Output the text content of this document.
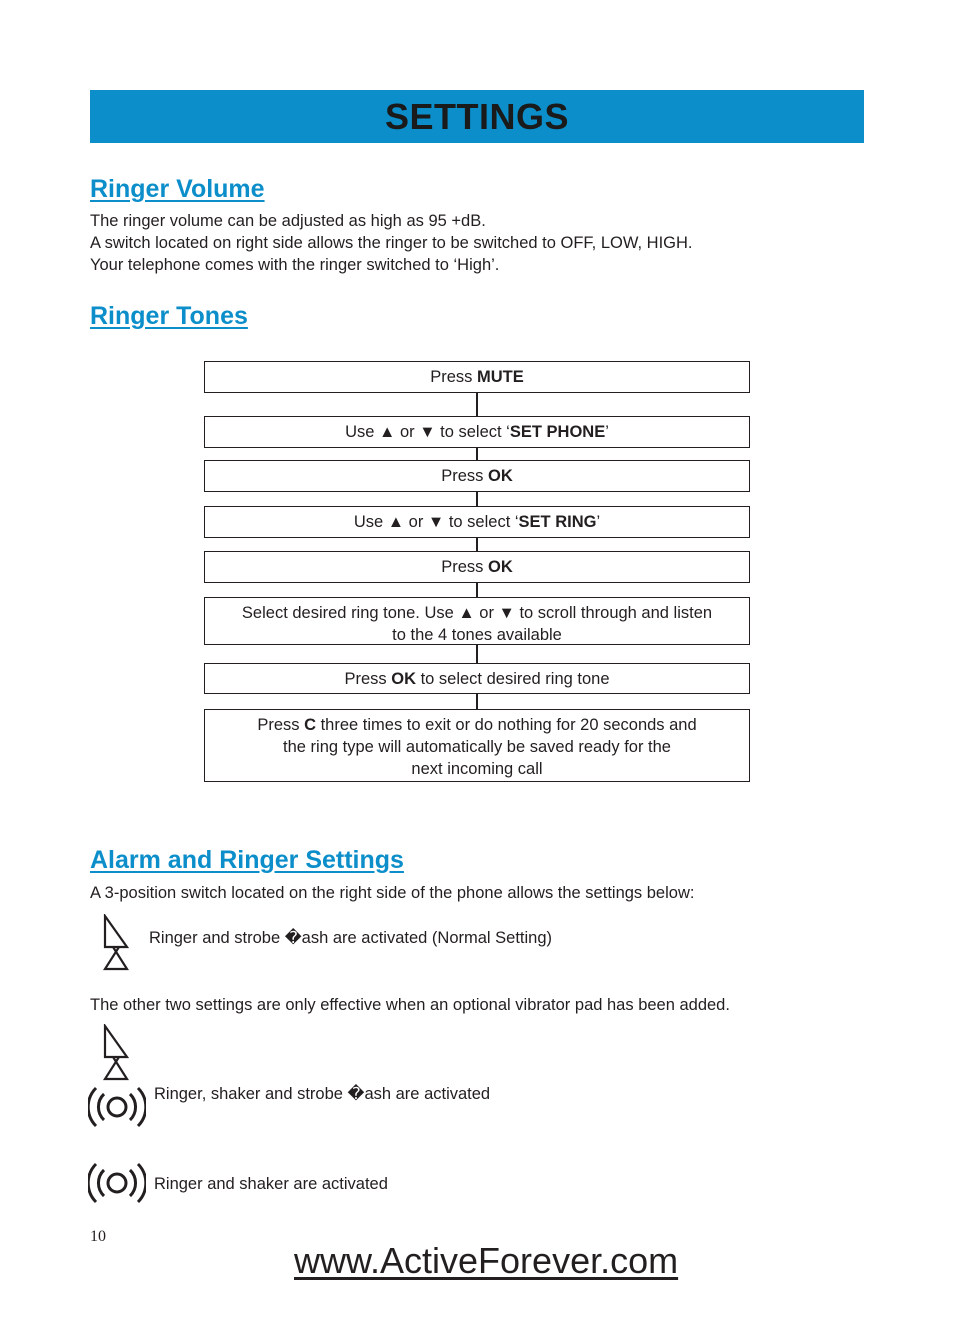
SETTINGS
Ringer Volume

The ringer volume can be adjusted as high as 95 +dB.

A switch located on right side allows the ringer to be switched to OFF, LOW, HIGH.

Your telephone comes with the ringer switched to ‘High’.

Ringer Tones
Press MUTE
Use ▲ or ▼ to select ‘SET PHONE’
Press OK
Use ▲ or ▼ to select ‘SET RING’
Press OK
Select desired ring tone. Use ▲ or ▼ to scroll through and listen
to the 4 tones available
Press OK to select desired ring tone
Press C three times to exit or do nothing for 20 seconds and
the ring type will automatically be saved ready for the
next incoming call
Alarm and Ringer Settings

A 3-position switch located on the right side of the phone allows the settings below:

Ringer and strobe �ash are activated (Normal Setting)

The other two settings are only effective when an optional vibrator pad has been added.

Ringer, shaker and strobe �ash are activated

Ringer and shaker are activated

10
www.ActiveForever.com
